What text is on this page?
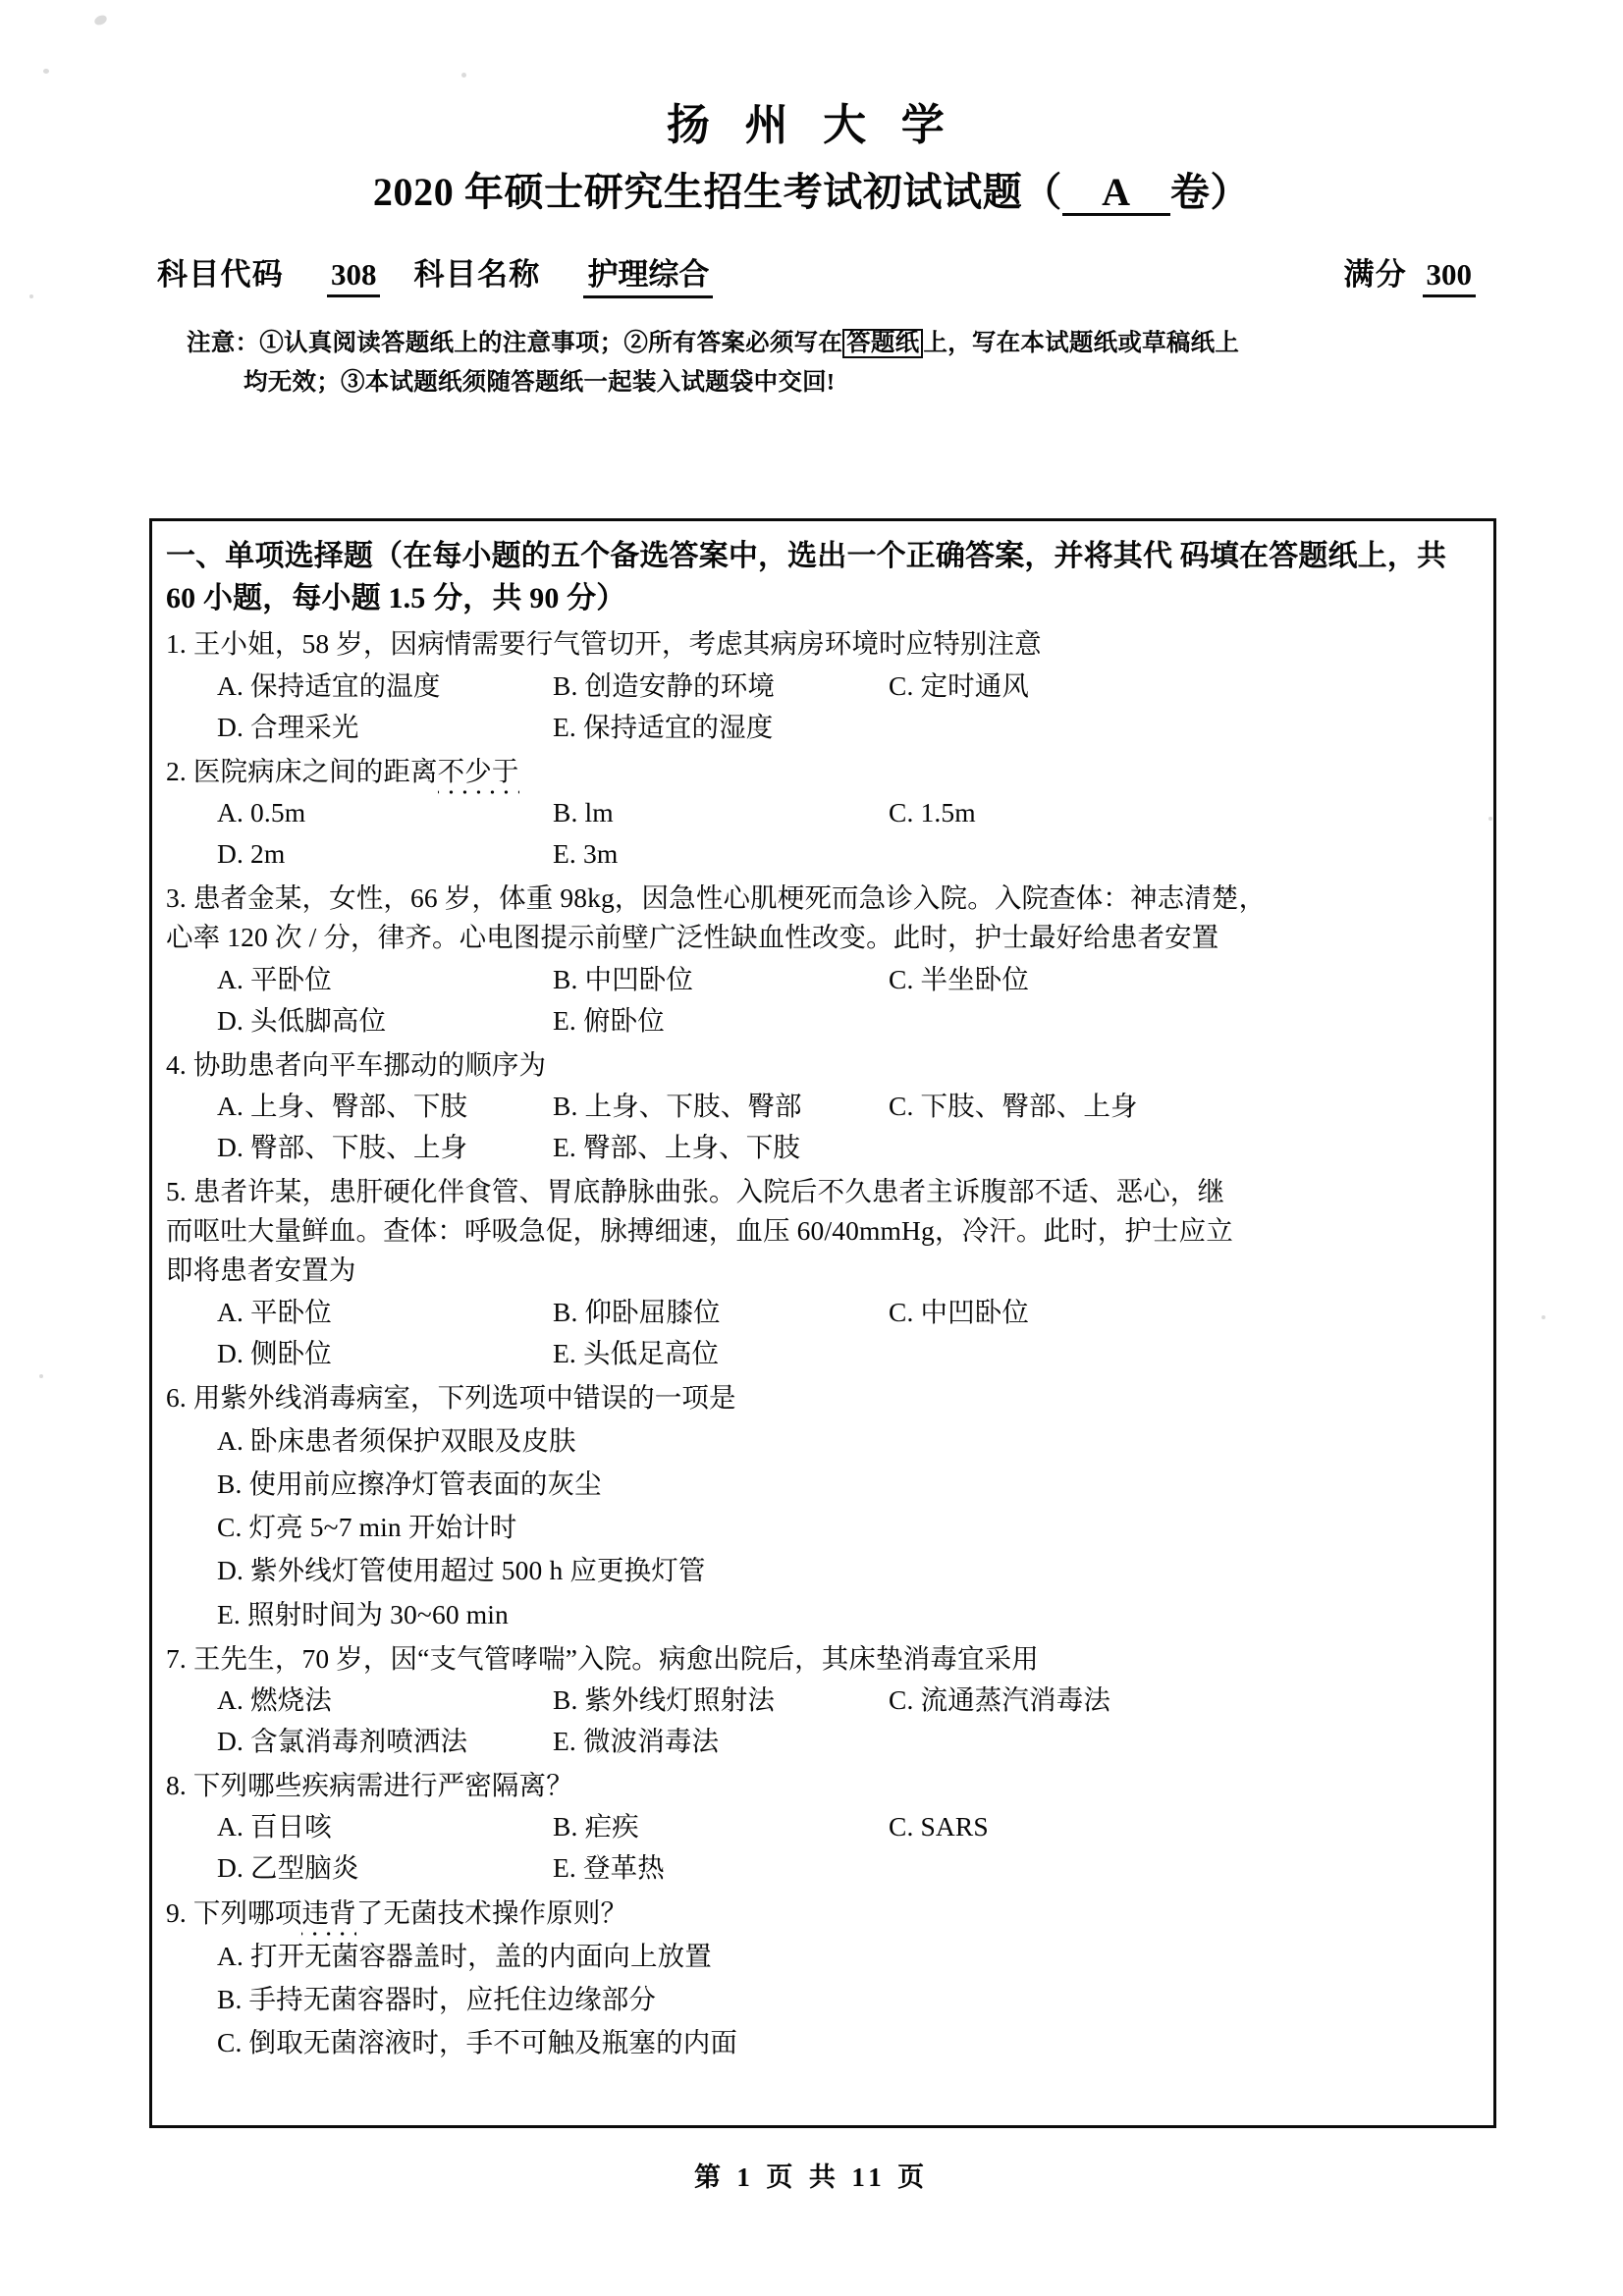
扬 州 大 学
2020 年硕士研究生招生考试初试试题（ A 卷）
科目代码 308 科目名称 护理综合	满分 300
注意：①认真阅读答题纸上的注意事项；②所有答案必须写在 答题纸 上，写在本试题纸或草稿纸上
均无效；③本试题纸须随答题纸一起装入试题袋中交回!
一、单项选择题（在每小题的五个备选答案中，选出一个正确答案，并将其代 码填在答题纸上，共 60 小题，每小题 1.5 分，共 90 分）
1. 王小姐，58 岁，因病情需要行气管切开，考虑其病房环境时应特别注意
A. 保持适宜的温度	B. 创造安静的环境	C. 定时通风
D. 合理采光	E. 保持适宜的湿度
2. 医院病床之间的距离不少于
A. 0.5m	B. lm	C. 1.5m
D. 2m	E. 3m
3. 患者金某，女性，66 岁，体重 98kg，因急性心肌梗死而急诊入院。入院查体：神志清楚，
心率 120 次 / 分，律齐。心电图提示前壁广泛性缺血性改变。此时，护士最好给患者安置
A. 平卧位	B. 中凹卧位	C. 半坐卧位
D. 头低脚高位	E. 俯卧位
4. 协助患者向平车挪动的顺序为
A. 上身、臀部、下肢	B. 上身、下肢、臀部	C. 下肢、臀部、上身
D. 臀部、下肢、上身	E. 臀部、上身、下肢
5. 患者许某，患肝硬化伴食管、胃底静脉曲张。入院后不久患者主诉腹部不适、恶心，继
而呕吐大量鲜血。查体：呼吸急促，脉搏细速，血压 60/40mmHg，冷汗。此时，护士应立
即将患者安置为
A. 平卧位	B. 仰卧屈膝位	C. 中凹卧位
D. 侧卧位	E. 头低足高位
6. 用紫外线消毒病室，下列选项中错误的一项是
A. 卧床患者须保护双眼及皮肤
B. 使用前应擦净灯管表面的灰尘
C. 灯亮 5~7 min 开始计时
D. 紫外线灯管使用超过 500 h 应更换灯管
E. 照射时间为 30~60 min
7. 王先生，70 岁，因“支气管哮喘”入院。病愈出院后，其床垫消毒宜采用
A. 燃烧法	B. 紫外线灯照射法	C. 流通蒸汽消毒法
D. 含氯消毒剂喷洒法	E. 微波消毒法
8. 下列哪些疾病需进行严密隔离？
A. 百日咳	B. 疟疾	C. SARS
D. 乙型脑炎	E. 登革热
9. 下列哪项违背了无菌技术操作原则？
A. 打开无菌容器盖时，盖的内面向上放置
B. 手持无菌容器时，应托住边缘部分
C. 倒取无菌溶液时，手不可触及瓶塞的内面
第 1 页 共 11 页
